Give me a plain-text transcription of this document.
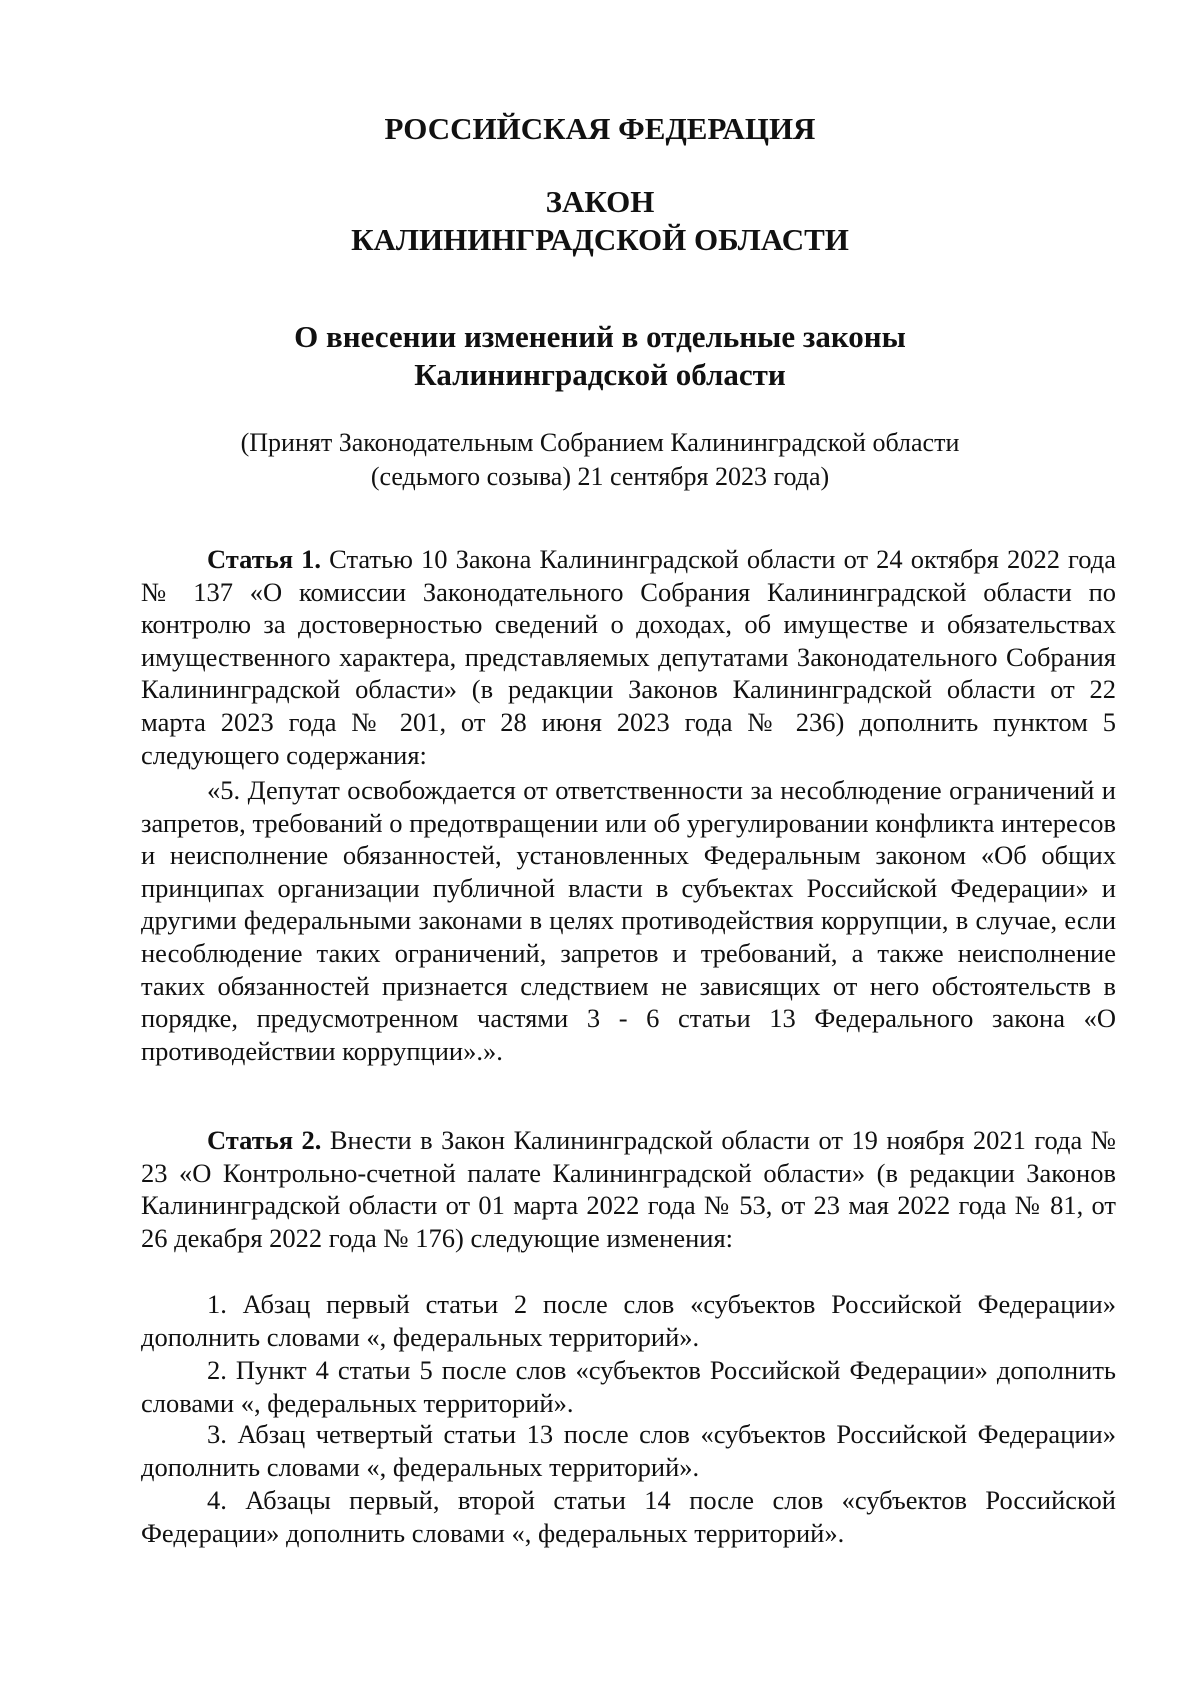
РОССИЙСКАЯ ФЕДЕРАЦИЯ

ЗАКОН
КАЛИНИНГРАДСКОЙ ОБЛАСТИ

О внесении изменений в отдельные законы
Калининградской области

(Принят Законодательным Собранием Калининградской области
(седьмого созыва) 21 сентября 2023 года)

Статья 1. Статью 10 Закона Калининградской области от 24 октября 2022 года № 137 «О комиссии Законодательного Собрания Калининградской области по контролю за достоверностью сведений о доходах, об имуществе и обязательствах имущественного характера, представляемых депутатами Законодательного Собрания Калининградской области» (в редакции Законов Калининградской области от 22 марта 2023 года № 201, от 28 июня 2023 года № 236) дополнить пунктом 5 следующего содержания:

«5. Депутат освобождается от ответственности за несоблюдение ограничений и запретов, требований о предотвращении или об урегулировании конфликта интересов и неисполнение обязанностей, установленных Федеральным законом «Об общих принципах организации публичной власти в субъектах Российской Федерации» и другими федеральными законами в целях противодействия коррупции, в случае, если несоблюдение таких ограничений, запретов и требований, а также неисполнение таких обязанностей признается следствием не зависящих от него обстоятельств в порядке, предусмотренном частями 3 - 6 статьи 13 Федерального закона «О противодействии коррупции».».

Статья 2. Внести в Закон Калининградской области от 19 ноября 2021 года № 23 «О Контрольно-счетной палате Калининградской области» (в редакции Законов Калининградской области от 01 марта 2022 года № 53, от 23 мая 2022 года № 81, от 26 декабря 2022 года № 176) следующие изменения:

1. Абзац первый статьи 2 после слов «субъектов Российской Федерации» дополнить словами «, федеральных территорий».

2. Пункт 4 статьи 5 после слов «субъектов Российской Федерации» дополнить словами «, федеральных территорий».

3. Абзац четвертый статьи 13 после слов «субъектов Российской Федерации» дополнить словами «, федеральных территорий».

4. Абзацы первый, второй статьи 14 после слов «субъектов Российской Федерации» дополнить словами «, федеральных территорий».
